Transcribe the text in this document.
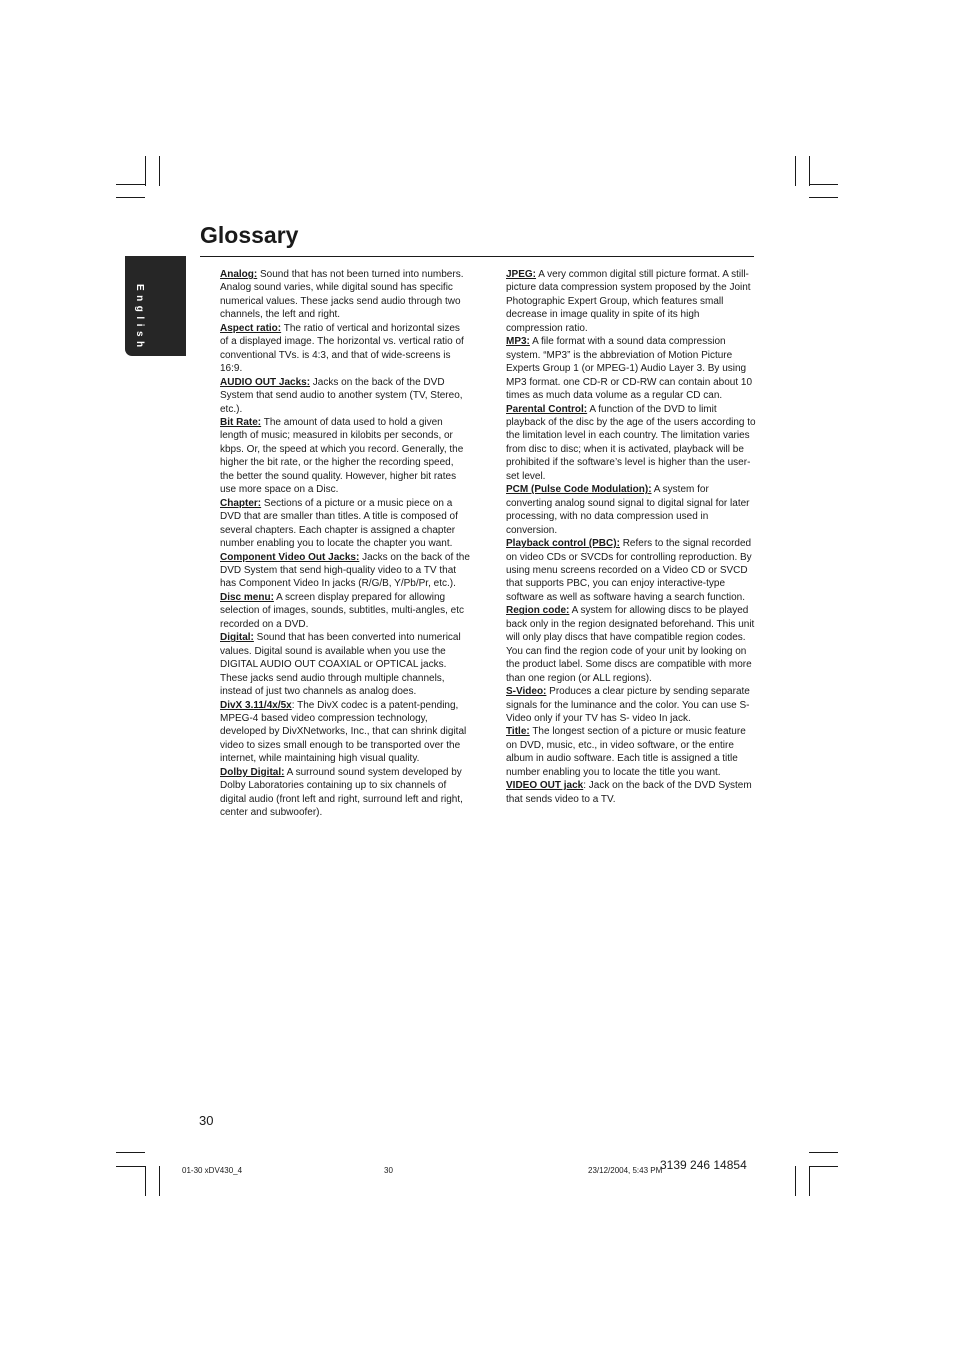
Glossary
English

Analog: Sound that has not been turned into numbers. Analog sound varies, while digital sound has specific numerical values. These jacks send audio through two channels, the left and right.

Aspect ratio: The ratio of vertical and horizontal sizes of a displayed image. The horizontal vs. vertical ratio of conventional TVs. is 4:3, and that of wide-screens is 16:9.

AUDIO OUT Jacks: Jacks on the back of the DVD System that send audio to another system (TV, Stereo, etc.).

Bit Rate: The amount of data used to hold a given length of music; measured in kilobits per seconds, or kbps. Or, the speed at which you record. Generally, the higher the bit rate, or the higher the recording speed, the better the sound quality. However, higher bit rates use more space on a Disc.

Chapter: Sections of a picture or a music piece on a DVD that are smaller than titles. A title is composed of several chapters. Each chapter is assigned a chapter number enabling you to locate the chapter you want.

Component Video Out Jacks: Jacks on the back of the DVD System that send high-quality video to a TV that has Component Video In jacks (R/G/B, Y/Pb/Pr, etc.).

Disc menu: A screen display prepared for allowing selection of images, sounds, subtitles, multi-angles, etc recorded on a DVD.

Digital: Sound that has been converted into numerical values. Digital sound is available when you use the DIGITAL AUDIO OUT COAXIAL or OPTICAL jacks. These jacks send audio through multiple channels, instead of just two channels as analog does.

DivX 3.11/4x/5x: The DivX codec is a patent-pending, MPEG-4 based video compression technology, developed by DivXNetworks, Inc., that can shrink digital video to sizes small enough to be transported over the internet, while maintaining high visual quality.

Dolby Digital: A surround sound system developed by Dolby Laboratories containing up to six channels of digital audio (front left and right, surround left and right, center and subwoofer).

JPEG: A very common digital still picture format. A still-picture data compression system proposed by the Joint Photographic Expert Group, which features small decrease in image quality in spite of its high compression ratio.

MP3: A file format with a sound data compression system. “MP3” is the abbreviation of Motion Picture Experts Group 1 (or MPEG-1) Audio Layer 3. By using MP3 format. one CD-R or CD-RW can contain about 10 times as much data volume as a regular CD can.

Parental Control: A function of the DVD to limit playback of the disc by the age of the users according to the limitation level in each country. The limitation varies from disc to disc; when it is activated, playback will be prohibited if the software’s level is higher than the user-set level.

PCM (Pulse Code Modulation): A system for converting analog sound signal to digital signal for later processing, with no data compression used in conversion.

Playback control (PBC): Refers to the signal recorded on video CDs or SVCDs for controlling reproduction. By using menu screens recorded on a Video CD or SVCD that supports PBC, you can enjoy interactive-type software as well as software having a search function.

Region code: A system for allowing discs to be played back only in the region designated beforehand. This unit will only play discs that have compatible region codes. You can find the region code of your unit by looking on the product label. Some discs are compatible with more than one region (or ALL regions).

S-Video: Produces a clear picture by sending separate signals for the luminance and the color. You can use S-Video only if your TV has S- video In jack.

Title: The longest section of a picture or music feature on DVD, music, etc., in video software, or the entire album in audio software. Each title is assigned a title number enabling you to locate the title you want.

VIDEO OUT jack: Jack on the back of the DVD System that sends video to a TV.

30
3139 246 14854
01-30 xDV430_4	30	23/12/2004, 5:43 PM
